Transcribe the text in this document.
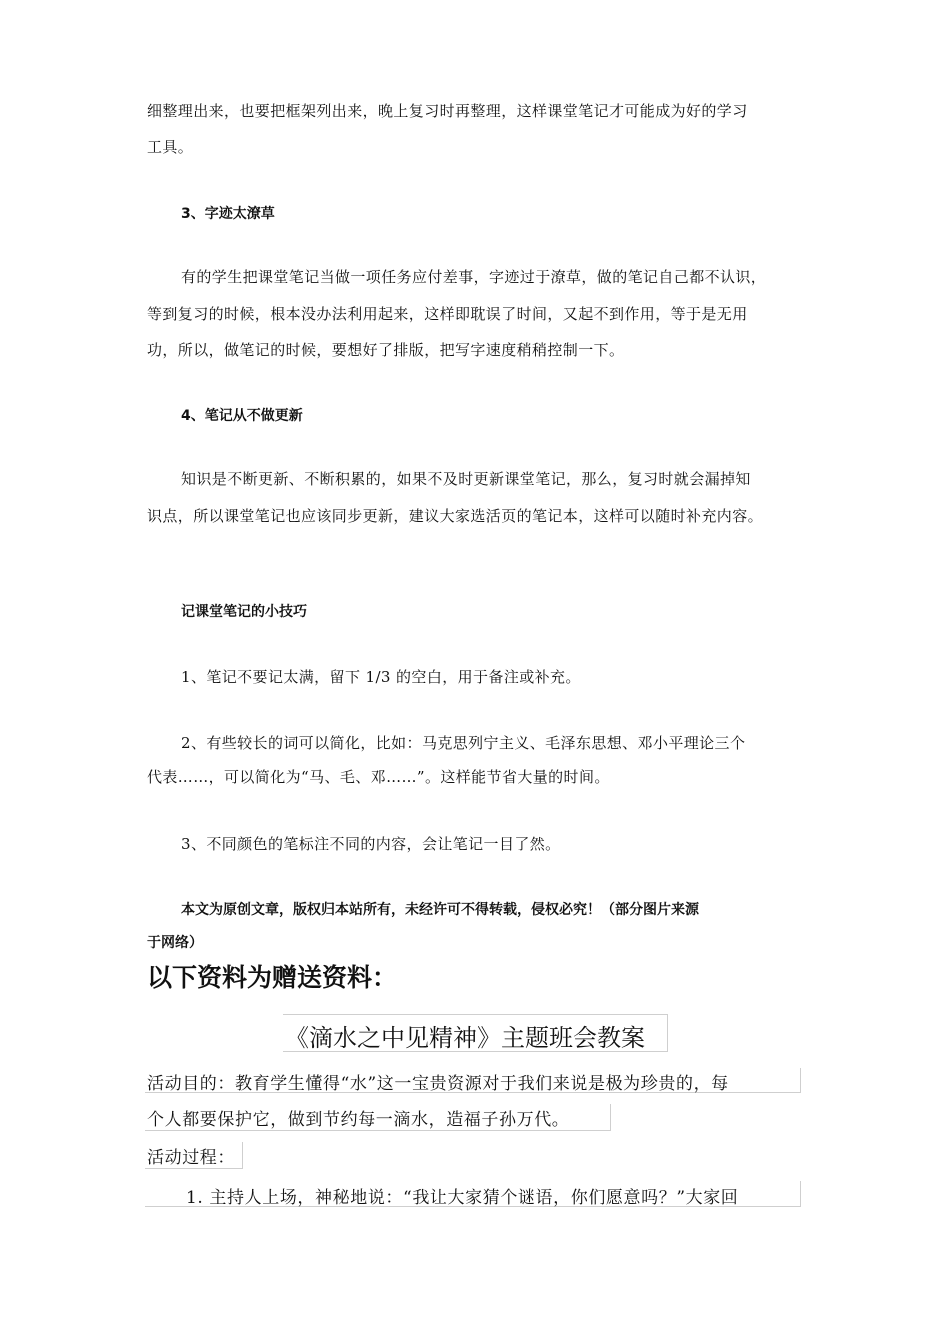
细整理出来，也要把框架列出来，晚上复习时再整理，这样课堂笔记才可能成为好的学习

工具。

3、字迹太潦草

有的学生把课堂笔记当做一项任务应付差事，字迹过于潦草，做的笔记自己都不认识，

等到复习的时候，根本没办法利用起来，这样即耽误了时间，又起不到作用，等于是无用

功，所以，做笔记的时候，要想好了排版，把写字速度稍稍控制一下。

4、笔记从不做更新

知识是不断更新、不断积累的，如果不及时更新课堂笔记，那么，复习时就会漏掉知

识点，所以课堂笔记也应该同步更新，建议大家选活页的笔记本，这样可以随时补充内容。

记课堂笔记的小技巧

1、笔记不要记太满，留下 1/3 的空白，用于备注或补充。

2、有些较长的词可以简化，比如：马克思列宁主义、毛泽东思想、邓小平理论三个

代表……，可以简化为“马、毛、邓……”。这样能节省大量的时间。

3、不同颜色的笔标注不同的内容，会让笔记一目了然。

本文为原创文章，版权归本站所有，未经许可不得转载，侵权必究！（部分图片来源

于网络）

以下资料为赠送资料：

《滴水之中见精神》主题班会教案
活动目的：教育学生懂得“水”这一宝贵资源对于我们来说是极为珍贵的，每
个人都要保护它，做到节约每一滴水，造福子孙万代。
活动过程：
1. 主持人上场，神秘地说：“我让大家猜个谜语，你们愿意吗？”大家回
